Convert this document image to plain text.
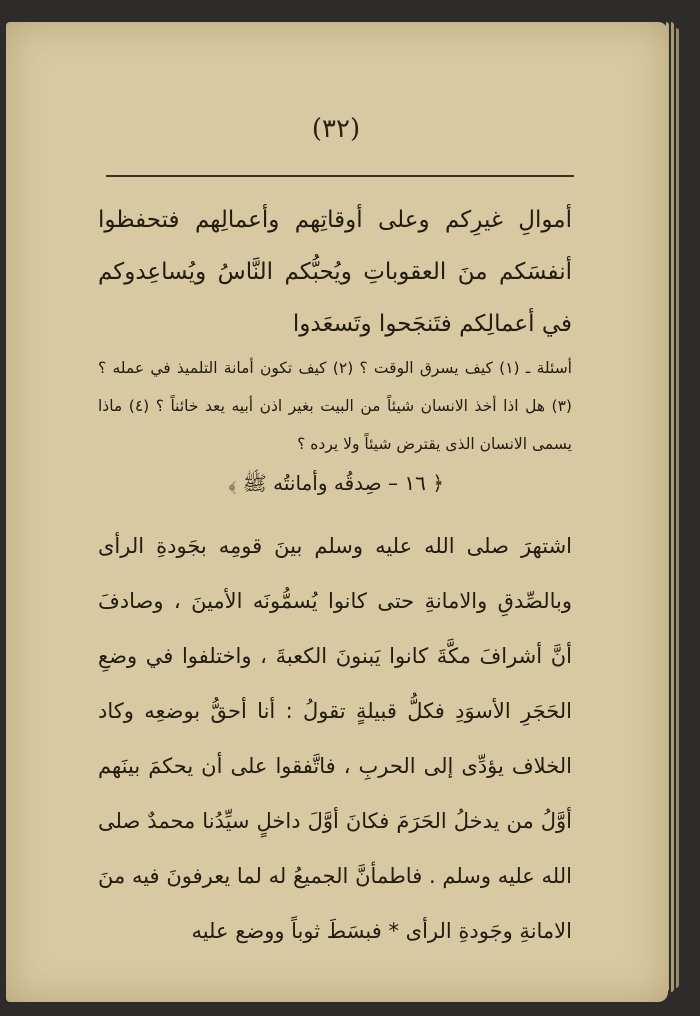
(٣٢)

أموالِ غيرِكم وعلى أوقاتِهم وأعمالِهم فتحفظوا أنفسَكم منَ العقوباتِ ويُحبُّكم النَّاسُ ويُساعِدوكم في أعمالِكم فتَنجَحوا وتَسعَدوا

أسئلة ـ (١) كيف يسرق الوقت ؟ (٢) كيف تكون أمانة التلميذ في عمله ؟ (٣) هل اذا أخذ الانسان شيئاً من البيت بغير اذن أبيه يعد خائناً ؟ (٤) ماذا يسمى الانسان الذى يقترض شيئاً ولا يرده ؟

﴿ ١٦ – صِدقُه وأمانتُه ﷺ ﴾

اشتهرَ صلى الله عليه وسلم بينَ قومِه بجَودةِ الرأى وبالصِّدقِ والامانةِ حتى كانوا يُسمُّونَه الأمينَ ، وصادفَ أنَّ أشرافَ مكَّةَ كانوا يَبنونَ الكعبةَ ، واختلفوا في وضعِ الحَجَرِ الأسوَدِ فكلُّ قبيلةٍ تقولُ : أنا أحقُّ بوضعِه وكاد الخلاف يؤدِّى إلى الحربِ ، فاتَّفقوا على أن يحكمَ بينَهم أوَّلُ من يدخلُ الحَرَمَ فكانَ أوَّلَ داخلٍ سيِّدُنا محمدٌ صلى الله عليه وسلم . فاطمأنَّ الجميعُ له لما يعرفونَ فيه منَ الامانةِ وجَودةِ الرأى * فبسَطَ ثوباً ووضع عليه
